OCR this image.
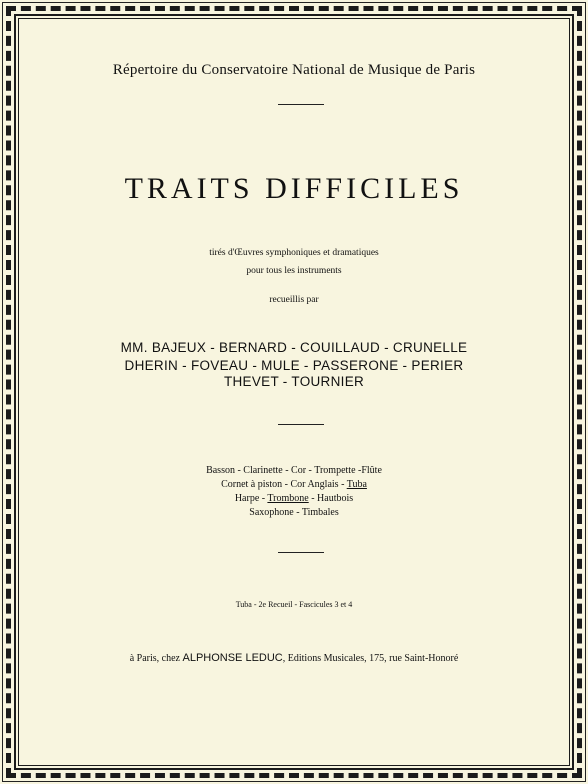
Répertoire du Conservatoire National de Musique de Paris
TRAITS DIFFICILES
tirés d'Œuvres symphoniques et dramatiques
pour tous les instruments
recueillis par
MM. BAJEUX - BERNARD - COUILLAUD - CRUNELLE
DHERIN - FOVEAU - MULE - PASSERONE - PERIER
THEVET - TOURNIER
Basson - Clarinette - Cor - Trompette -Flûte
Cornet à piston - Cor Anglais - Tuba
Harpe - Trombone - Hautbois
Saxophone - Timbales
Tuba - 2e Recueil - Fascicules 3 et 4
à Paris, chez ALPHONSE LEDUC, Editions Musicales, 175, rue Saint-Honoré
